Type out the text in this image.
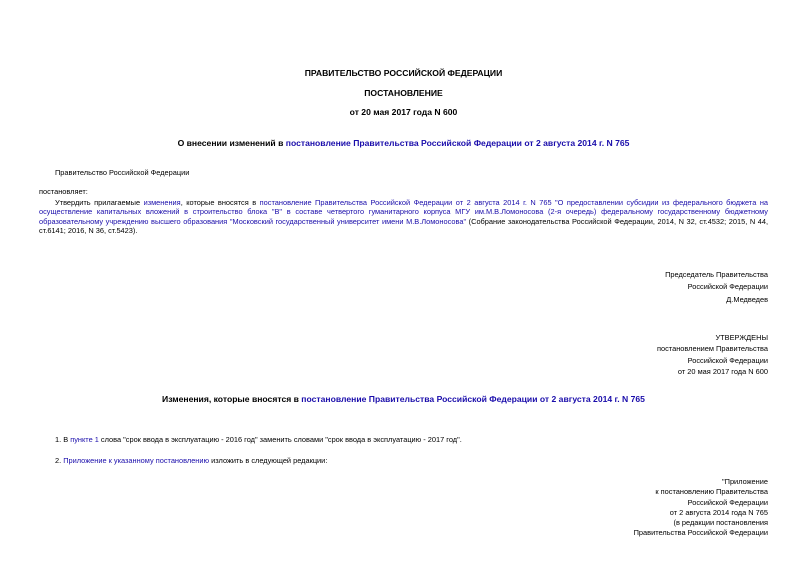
ПРАВИТЕЛЬСТВО РОССИЙСКОЙ ФЕДЕРАЦИИ
ПОСТАНОВЛЕНИЕ
от 20 мая 2017 года N 600
О внесении изменений в постановление Правительства Российской Федерации от 2 августа 2014 г. N 765
Правительство Российской Федерации
постановляет:
Утвердить прилагаемые изменения, которые вносятся в постановление Правительства Российской Федерации от 2 августа 2014 г. N 765 "О предоставлении субсидии из федерального бюджета на осуществление капитальных вложений в строительство блока "В" в составе четвертого гуманитарного корпуса МГУ им.М.В.Ломоносова (2-я очередь) федеральному государственному бюджетному образовательному учреждению высшего образования "Московский государственный университет имени М.В.Ломоносова" (Собрание законодательства Российской Федерации, 2014, N 32, ст.4532; 2015, N 44, ст.6141; 2016, N 36, ст.5423).
Председатель Правительства
Российской Федерации
Д.Медведев
УТВЕРЖДЕНЫ
постановлением Правительства
Российской Федерации
от 20 мая 2017 года N 600
Изменения, которые вносятся в постановление Правительства Российской Федерации от 2 августа 2014 г. N 765
1. В пункте 1 слова "срок ввода в эксплуатацию - 2016 год" заменить словами "срок ввода в эксплуатацию - 2017 год".
2. Приложение к указанному постановлению изложить в следующей редакции:
"Приложение
к постановлению Правительства
Российской Федерации
от 2 августа 2014 года N 765
(в редакции постановления
Правительства Российской Федерации
